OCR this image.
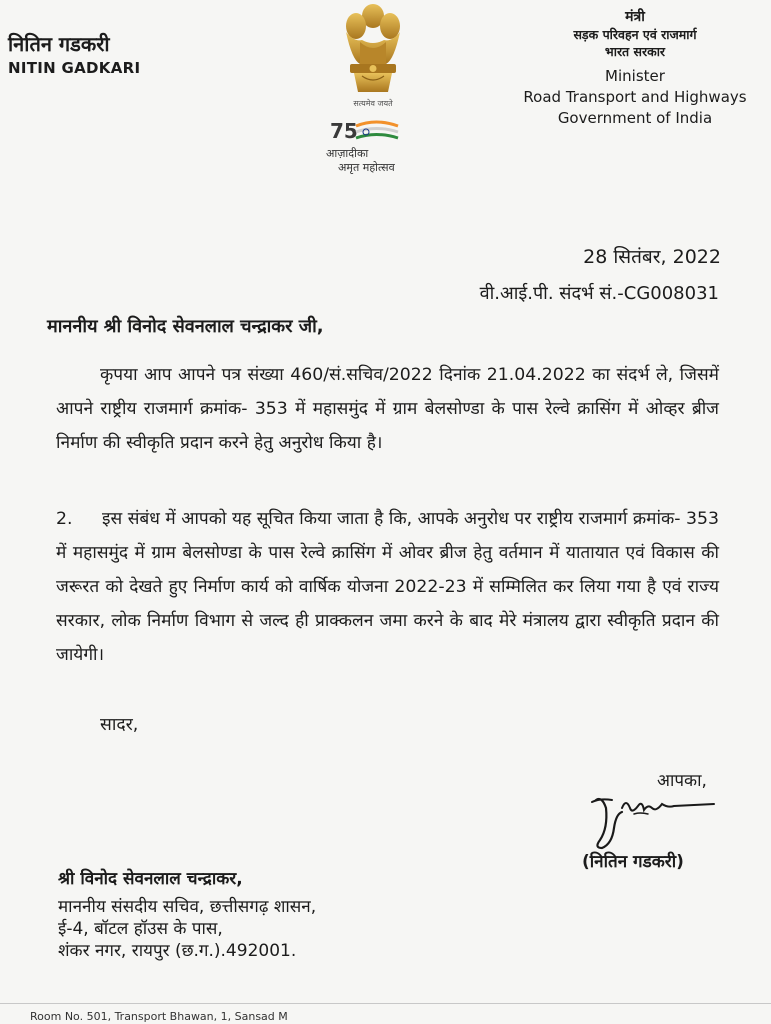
नितिन गडकरी
NITIN GADKARI
सत्यमेव जयते
75
आज़ादीका
अमृत महोत्सव
मंत्री
सड़क परिवहन एवं राजमार्ग
भारत सरकार
Minister
Road Transport and Highways
Government of India
28 सितंबर, 2022
वी.आई.पी. संदर्भ सं.-CG008031
माननीय श्री विनोद सेवनलाल चन्द्राकर जी,
कृपया आप आपने पत्र संख्या 460/सं.सचिव/2022 दिनांक 21.04.2022 का संदर्भ ले, जिसमें आपने राष्ट्रीय राजमार्ग क्रमांक- 353 में महासमुंद में ग्राम बेलसोण्डा के पास रेल्वे क्रासिंग में ओव्हर ब्रीज निर्माण की स्वीकृति प्रदान करने हेतु अनुरोध किया है।
2. इस संबंध में आपको यह सूचित किया जाता है कि, आपके अनुरोध पर राष्ट्रीय राजमार्ग क्रमांक- 353 में महासमुंद में ग्राम बेलसोण्डा के पास रेल्वे क्रासिंग में ओवर ब्रीज हेतु वर्तमान में यातायात एवं विकास की जरूरत को देखते हुए निर्माण कार्य को वार्षिक योजना 2022-23 में सम्मिलित कर लिया गया है एवं राज्य सरकार, लोक निर्माण विभाग से जल्द ही प्राक्कलन जमा करने के बाद मेरे मंत्रालय द्वारा स्वीकृति प्रदान की जायेगी।
सादर,
आपका,
(नितिन गडकरी)
श्री विनोद सेवनलाल चन्द्राकर,
माननीय संसदीय सचिव, छत्तीसगढ़ शासन,
ई-4, बॉटल हॉउस के पास,
शंकर नगर, रायपुर (छ.ग.).492001.
Room No. 501, Transport Bhawan, 1, Sansad M
